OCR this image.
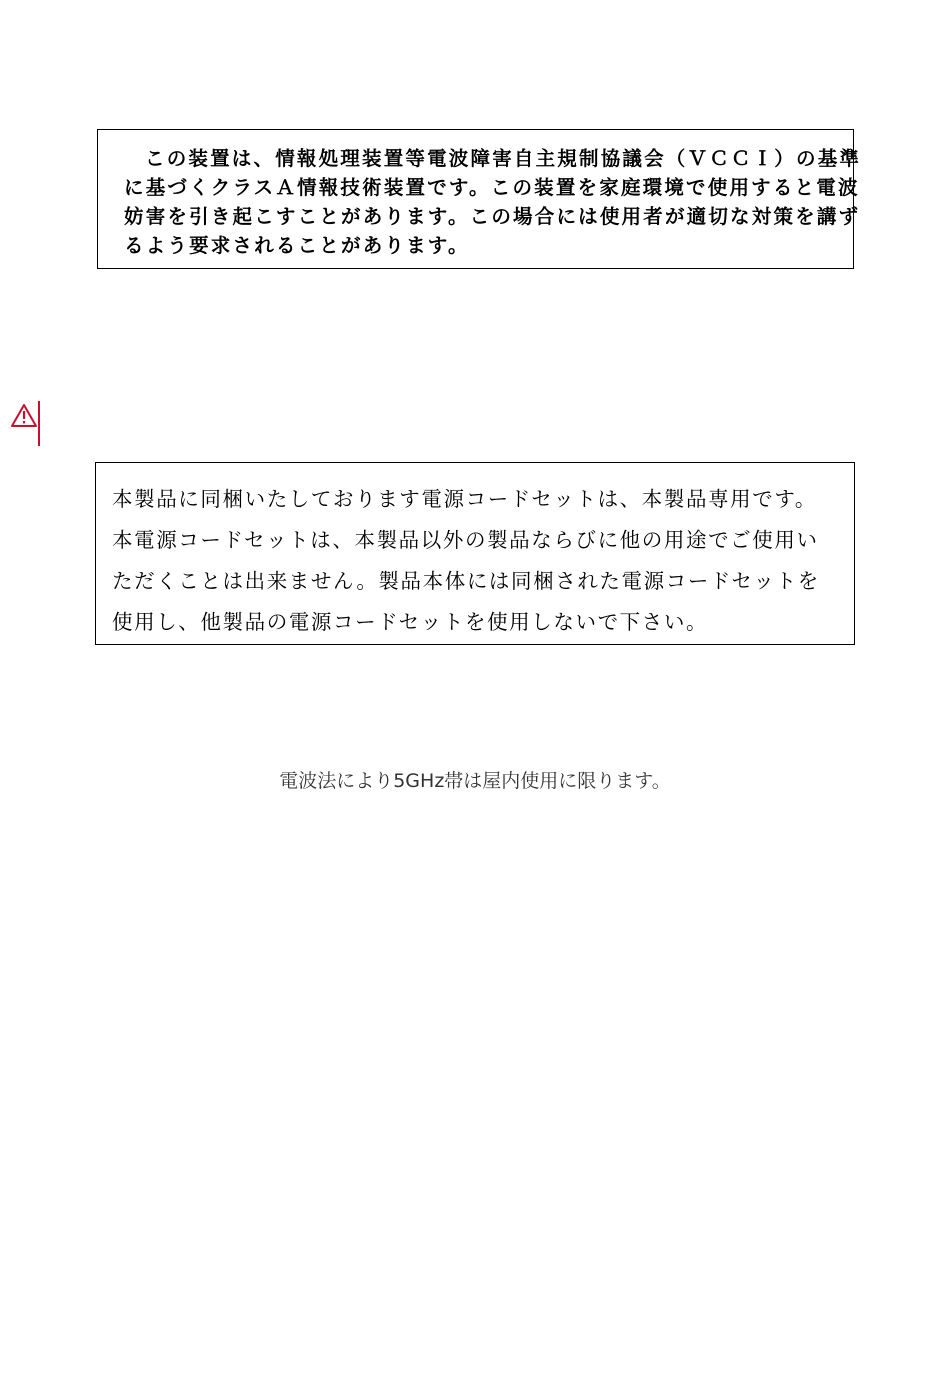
この装置は、情報処理装置等電波障害自主規制協議会（ＶＣＣＩ）の基準
に基づくクラスＡ情報技術装置です。この装置を家庭環境で使用すると電波
妨害を引き起こすことがあります。この場合には使用者が適切な対策を講ず
るよう要求されることがあります。
本製品に同梱いたしております電源コードセットは、本製品専用です。
本電源コードセットは、本製品以外の製品ならびに他の用途でご使用い
ただくことは出来ません。製品本体には同梱された電源コードセットを
使用し、他製品の電源コードセットを使用しないで下さい。
電波法により5GHz帯は屋内使用に限ります。
